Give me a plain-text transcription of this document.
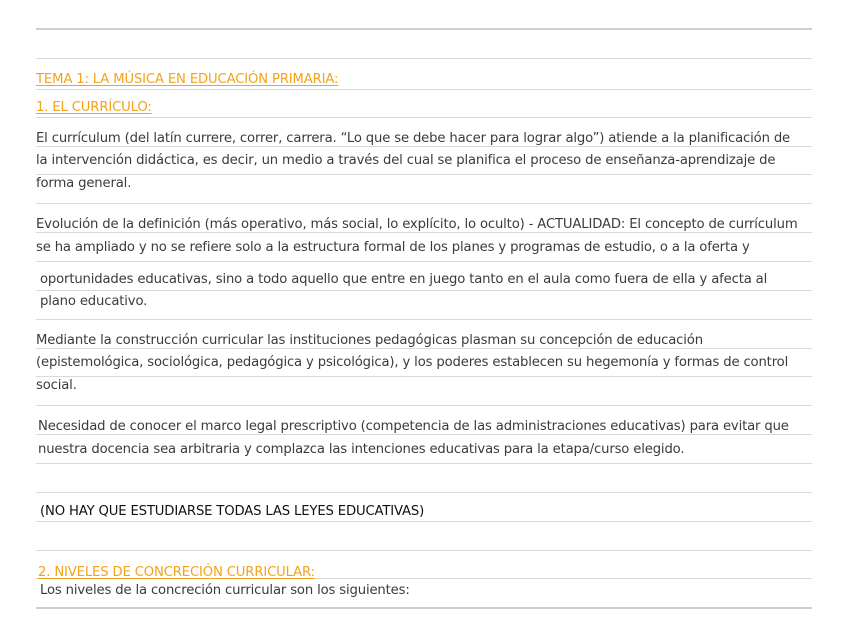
TEMA 1: LA MÚSICA EN EDUCACIÓN PRIMARIA:
1. EL CURRÍCULO:
El currículum (del latín currere, correr, carrera. “Lo que se debe hacer para lograr algo”) atiende a la planificación de
la intervención didáctica, es decir, un medio a través del cual se planifica el proceso de enseñanza-aprendizaje de
forma general.
Evolución de la definición (más operativo, más social, lo explícito, lo oculto) - ACTUALIDAD: El concepto de currículum
se ha ampliado y no se refiere solo a la estructura formal de los planes y programas de estudio, o a la oferta y
oportunidades educativas, sino a todo aquello que entre en juego tanto en el aula como fuera de ella y afecta al
plano educativo.
Mediante la construcción curricular las instituciones pedagógicas plasman su concepción de educación
(epistemológica, sociológica, pedagógica y psicológica), y los poderes establecen su hegemonía y formas de control
social.
Necesidad de conocer el marco legal prescriptivo (competencia de las administraciones educativas) para evitar que
nuestra docencia sea arbitraria y complazca las intenciones educativas para la etapa/curso elegido.
(NO HAY QUE ESTUDIARSE TODAS LAS LEYES EDUCATIVAS)
2. NIVELES DE CONCRECIÓN CURRICULAR:
Los niveles de la concreción curricular son los siguientes:
